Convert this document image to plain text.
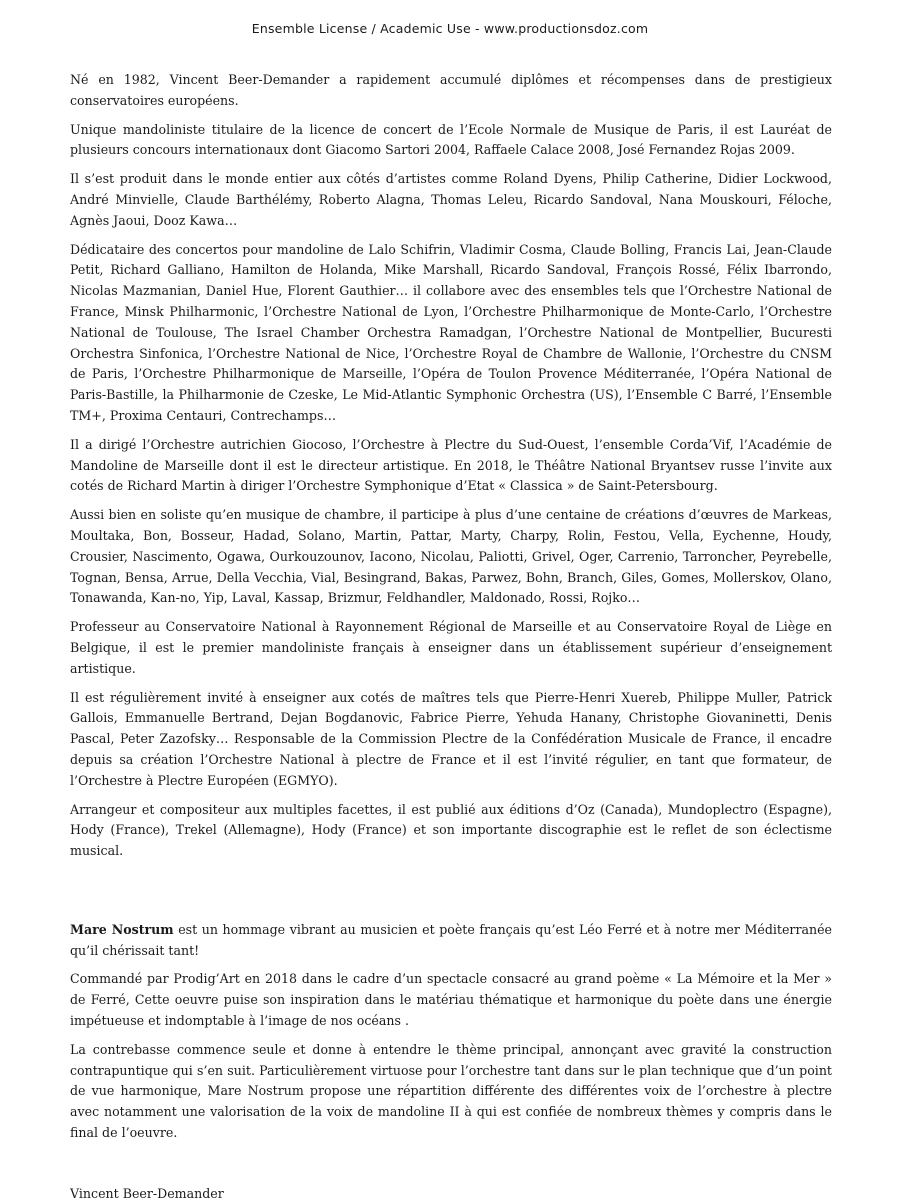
Ensemble License / Academic Use - www.productionsdoz.com

Né en 1982, Vincent Beer-Demander a rapidement accumulé diplômes et récompenses dans de prestigieux conservatoires européens.

Unique mandoliniste titulaire de la licence de concert de l’Ecole Normale de Musique de Paris, il est Lauréat de plusieurs concours internationaux dont Giacomo Sartori 2004, Raffaele Calace 2008, José Fernandez Rojas 2009.

Il s’est produit dans le monde entier aux côtés d’artistes comme Roland Dyens, Philip Catherine, Didier Lockwood, André Minvielle, Claude Barthélémy, Roberto Alagna, Thomas Leleu, Ricardo Sandoval, Nana Mouskouri, Féloche, Agnès Jaoui, Dooz Kawa…

Dédicataire des concertos pour mandoline de Lalo Schifrin, Vladimir Cosma, Claude Bolling, Francis Lai, Jean-Claude Petit, Richard Galliano, Hamilton de Holanda, Mike Marshall, Ricardo Sandoval, François Rossé, Félix Ibarrondo, Nicolas Mazmanian, Daniel Hue, Florent Gauthier… il collabore avec des ensembles tels que l’Orchestre National de France, Minsk Philharmonic, l’Orchestre National de Lyon, l’Orchestre Philharmonique de Monte-Carlo, l’Orchestre National de Toulouse, The Israel Chamber Orchestra Ramadgan, l’Orchestre National de Montpellier, Bucuresti Orchestra Sinfonica, l’Orchestre National de Nice, l’Orchestre Royal de Chambre de Wallonie, l’Orchestre du CNSM de Paris, l’Orchestre Philharmonique de Marseille, l’Opéra de Toulon Provence Méditerranée, l’Opéra National de Paris-Bastille, la Philharmonie de Czeske, Le Mid-Atlantic Symphonic Orchestra (US), l’Ensemble C Barré, l’Ensemble TM+, Proxima Centauri, Contrechamps…

Il a dirigé l’Orchestre autrichien Giocoso, l’Orchestre à Plectre du Sud-Ouest, l’ensemble Corda’Vif, l’Académie de Mandoline de Marseille dont il est le directeur artistique. En 2018, le Théâtre National Bryantsev russe l’invite aux cotés de Richard Martin à diriger l’Orchestre Symphonique d’Etat « Classica » de Saint-Petersbourg.

Aussi bien en soliste qu’en musique de chambre, il participe à plus d’une centaine de créations d’œuvres de Markeas, Moultaka, Bon, Bosseur, Hadad, Solano, Martin, Pattar, Marty, Charpy, Rolin, Festou, Vella, Eychenne, Houdy, Crousier, Nascimento, Ogawa, Ourkouzounov, Iacono, Nicolau, Paliotti, Grivel, Oger, Carrenio, Tarroncher, Peyrebelle, Tognan, Bensa, Arrue, Della Vecchia, Vial, Besingrand, Bakas, Parwez, Bohn, Branch, Giles, Gomes, Mollerskov, Olano, Tonawanda, Kan-no, Yip, Laval, Kassap, Brizmur, Feldhandler, Maldonado, Rossi, Rojko…

Professeur au Conservatoire National à Rayonnement Régional de Marseille et au Conservatoire Royal de Liège en Belgique, il est le premier mandoliniste français à enseigner dans un établissement supérieur d’enseignement artistique.

Il est régulièrement invité à enseigner aux cotés de maîtres tels que Pierre-Henri Xuereb, Philippe Muller, Patrick Gallois, Emmanuelle Bertrand, Dejan Bogdanovic, Fabrice Pierre, Yehuda Hanany, Christophe Giovaninetti, Denis Pascal, Peter Zazofsky… Responsable de la Commission Plectre de la Confédération Musicale de France, il encadre depuis sa création l’Orchestre National à plectre de France et il est l’invité régulier, en tant que formateur, de l’Orchestre à Plectre Européen (EGMYO).

Arrangeur et compositeur aux multiples facettes, il est publié aux éditions d’Oz (Canada), Mundoplectro (Espagne), Hody (France), Trekel (Allemagne), Hody (France) et son importante discographie est le reflet de son éclectisme musical.

Mare Nostrum est un hommage vibrant au musicien et poète français qu’est Léo Ferré et à notre mer Méditerranée qu’il chérissait tant!

Commandé par Prodig’Art en 2018 dans le cadre d’un spectacle consacré au grand poème « La Mémoire et la Mer » de Ferré, Cette oeuvre puise son inspiration dans le matériau thématique et harmonique du poète dans une énergie impétueuse et indomptable à l’image de nos océans .

La contrebasse commence seule et donne à entendre le thème principal, annonçant avec gravité la construction contrapuntique qui s’en suit. Particulièrement virtuose pour l’orchestre tant dans sur le plan technique que d’un point de vue harmonique, Mare Nostrum propose une répartition différente des différentes voix de l’orchestre à plectre avec notamment une valorisation de la voix de mandoline II à qui est confiée de nombreux thèmes y compris dans le final de l’oeuvre.

Vincent Beer-Demander
